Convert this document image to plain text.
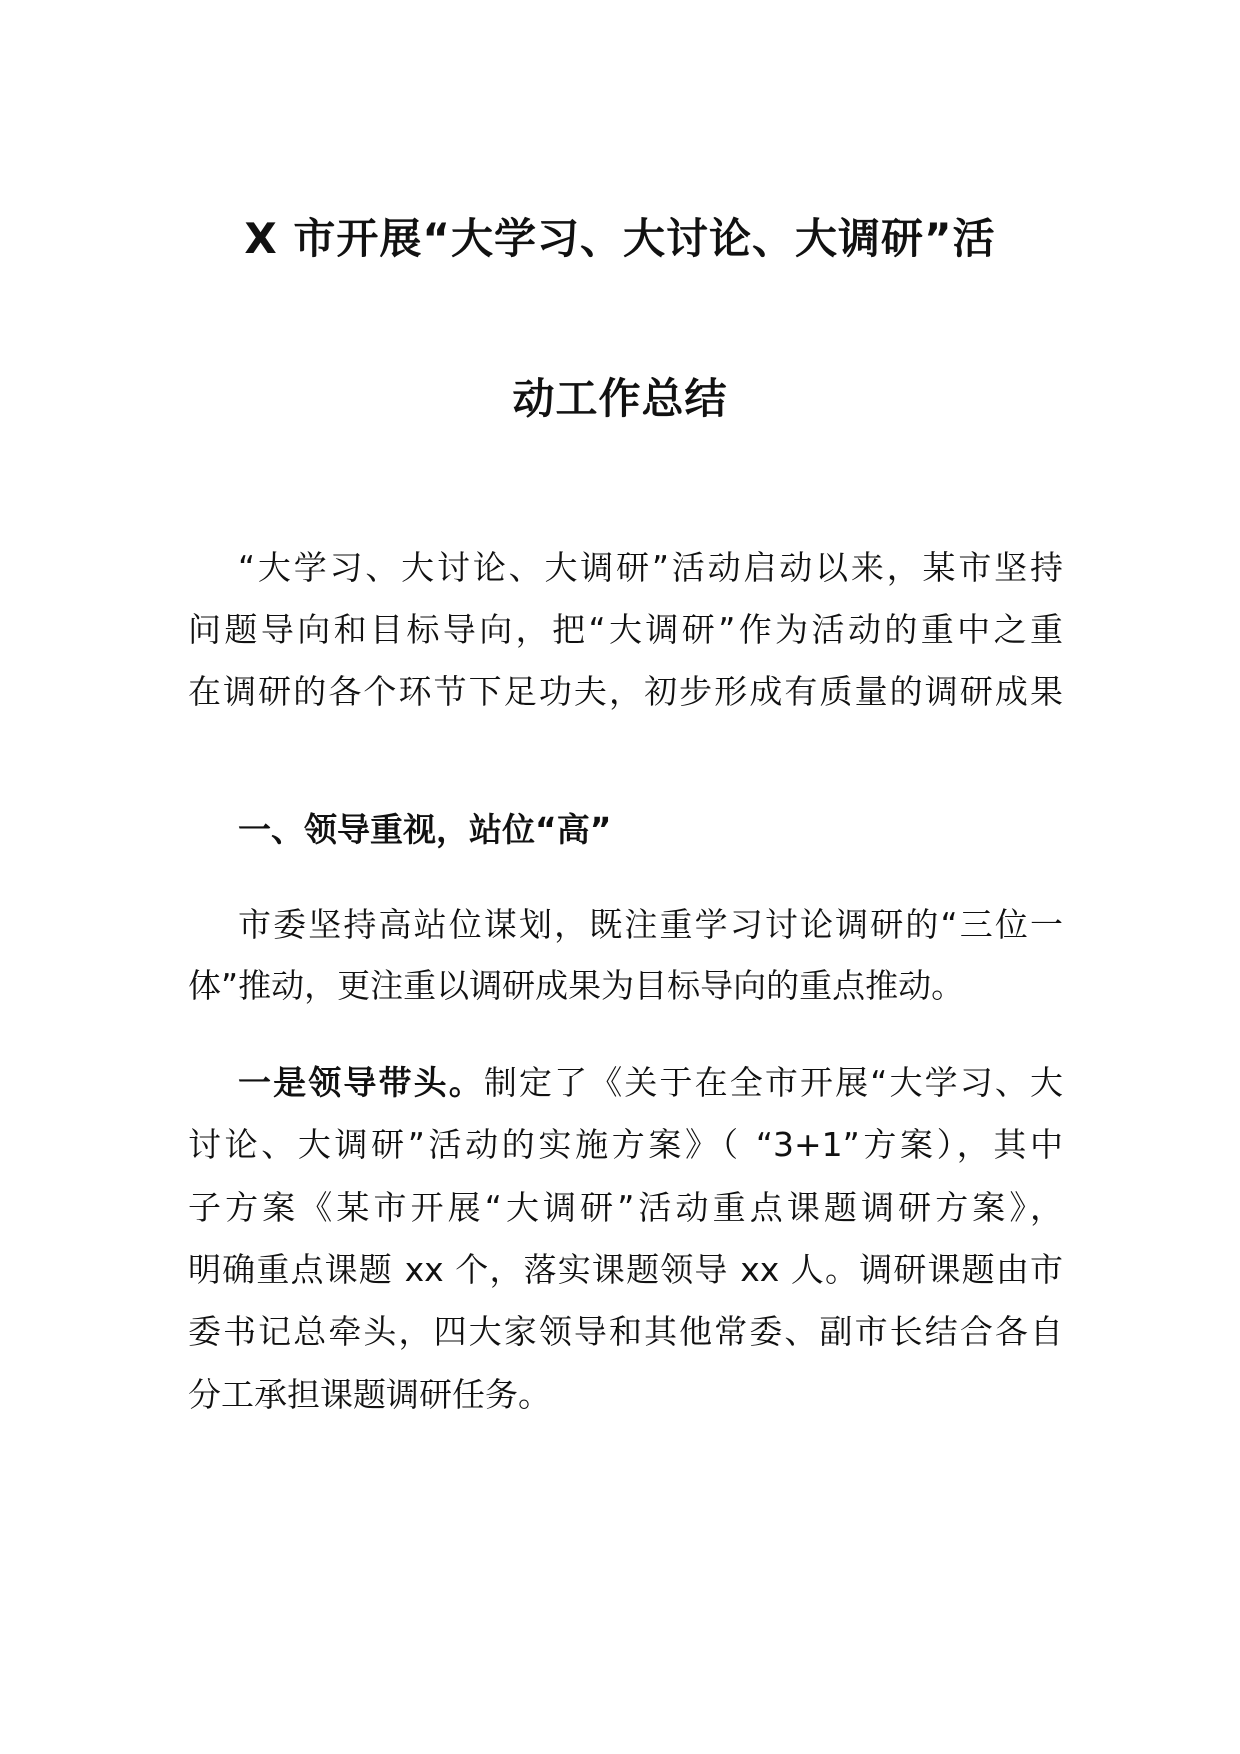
X 市开展“大学习、大讨论、大调研”活
动工作总结

“大学习、大讨论、大调研”活动启动以来，某市坚持

问题导向和目标导向，把“大调研”作为活动的重中之重

在调研的各个环节下足功夫，初步形成有质量的调研成果

一、领导重视，站位“高”

市委坚持高站位谋划，既注重学习讨论调研的“三位一

体”推动，更注重以调研成果为目标导向的重点推动。

一是领导带头。制定了《关于在全市开展“大学习、大

讨论、大调研”活动的实施方案》（ “3+1”方案），其中

子方案《某市开展“大调研”活动重点课题调研方案》，

明确重点课题 xx 个，落实课题领导 xx 人。调研课题由市

委书记总牵头，四大家领导和其他常委、副市长结合各自

分工承担课题调研任务。
